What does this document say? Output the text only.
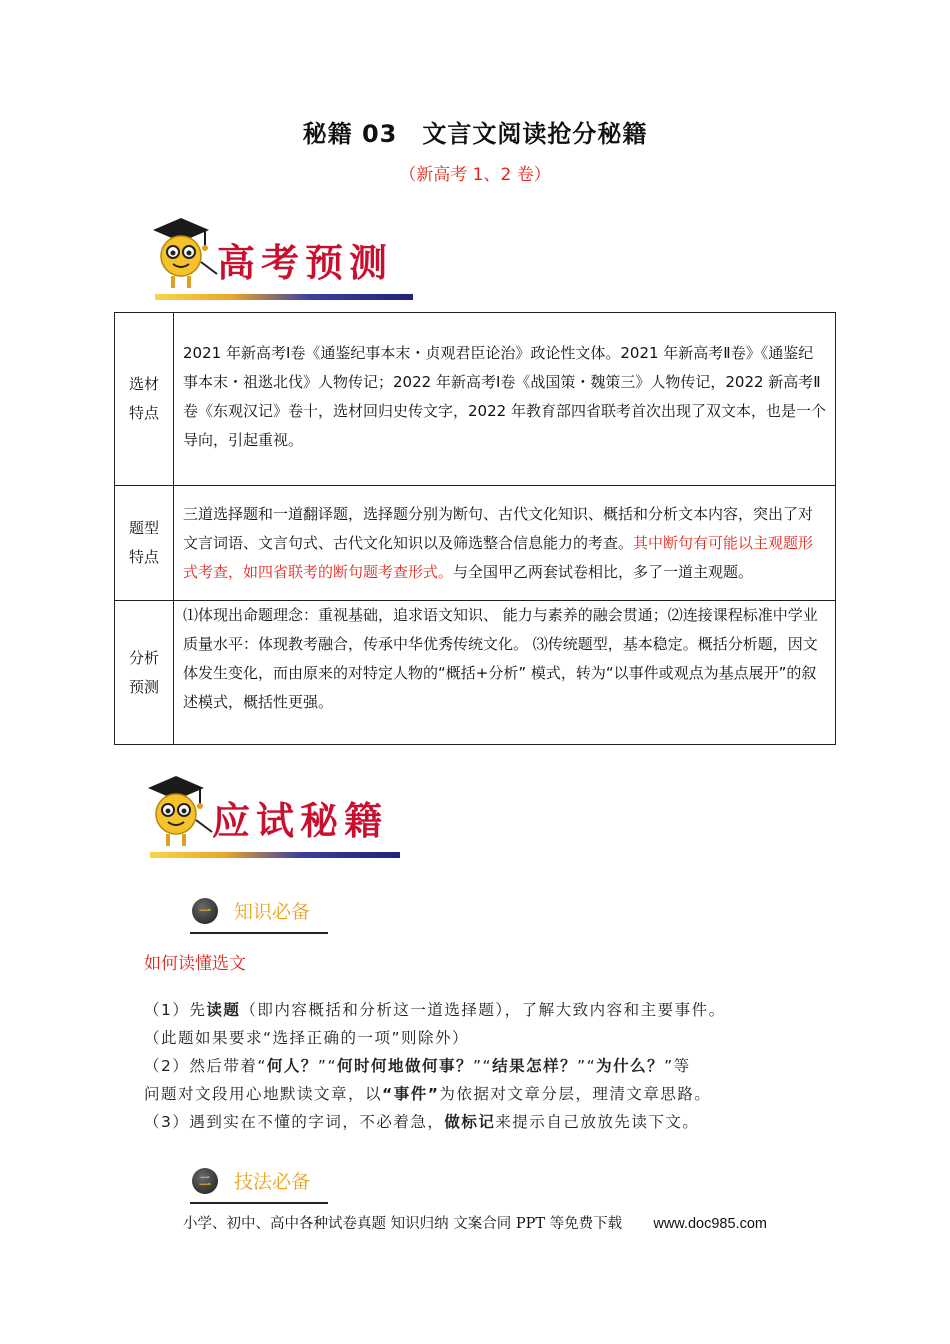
秘籍 03　文言文阅读抢分秘籍
（新高考 1、2 卷）
高考预测
选材
特点	2021 年新高考Ⅰ卷《通鉴纪事本末・贞观君臣论治》政论性文体。2021 年新高考Ⅱ卷》《通鉴纪事本末・祖逖北伐》人物传记；2022 年新高考Ⅰ卷《战国策・魏策三》人物传记，2022 新高考Ⅱ卷《东观汉记》卷十，选材回归史传文字，2022 年教育部四省联考首次出现了双文本，也是一个导向，引起重视。

题型
特点	三道选择题和一道翻译题，选择题分别为断句、古代文化知识、概括和分析文本内容，突出了对文言词语、文言句式、古代文化知识以及筛选整合信息能力的考查。其中断句有可能以主观题形式考查，如四省联考的断句题考查形式。与全国甲乙两套试卷相比，多了一道主观题。

分析
预测	⑴体现出命题理念：重视基础，追求语文知识、 能力与素养的融会贯通；⑵连接课程标准中学业质量水平：体现教考融合，传承中华优秀传统文化。 ⑶传统题型，基本稳定。概括分析题，因文体发生变化，而由原来的对特定人物的“概括+分析” 模式，转为“以事件或观点为基点展开”的叙述模式，概括性更强。
应试秘籍
一	知识必备
如何读懂选文

（1）先读题（即内容概括和分析这一道选择题），了解大致内容和主要事件。

（此题如果要求“选择正确的一项”则除外）

（2）然后带着“何人？”“何时何地做何事？”“结果怎样？”“为什么？”等

问题对文段用心地默读文章，以“事件”为依据对文章分层，理清文章思路。

（3）遇到实在不懂的字词，不必着急，做标记来提示自己放放先读下文。

二	技法必备
小学、初中、高中各种试卷真题 知识归纳 文案合同 PPT 等免费下载 www.doc985.com
